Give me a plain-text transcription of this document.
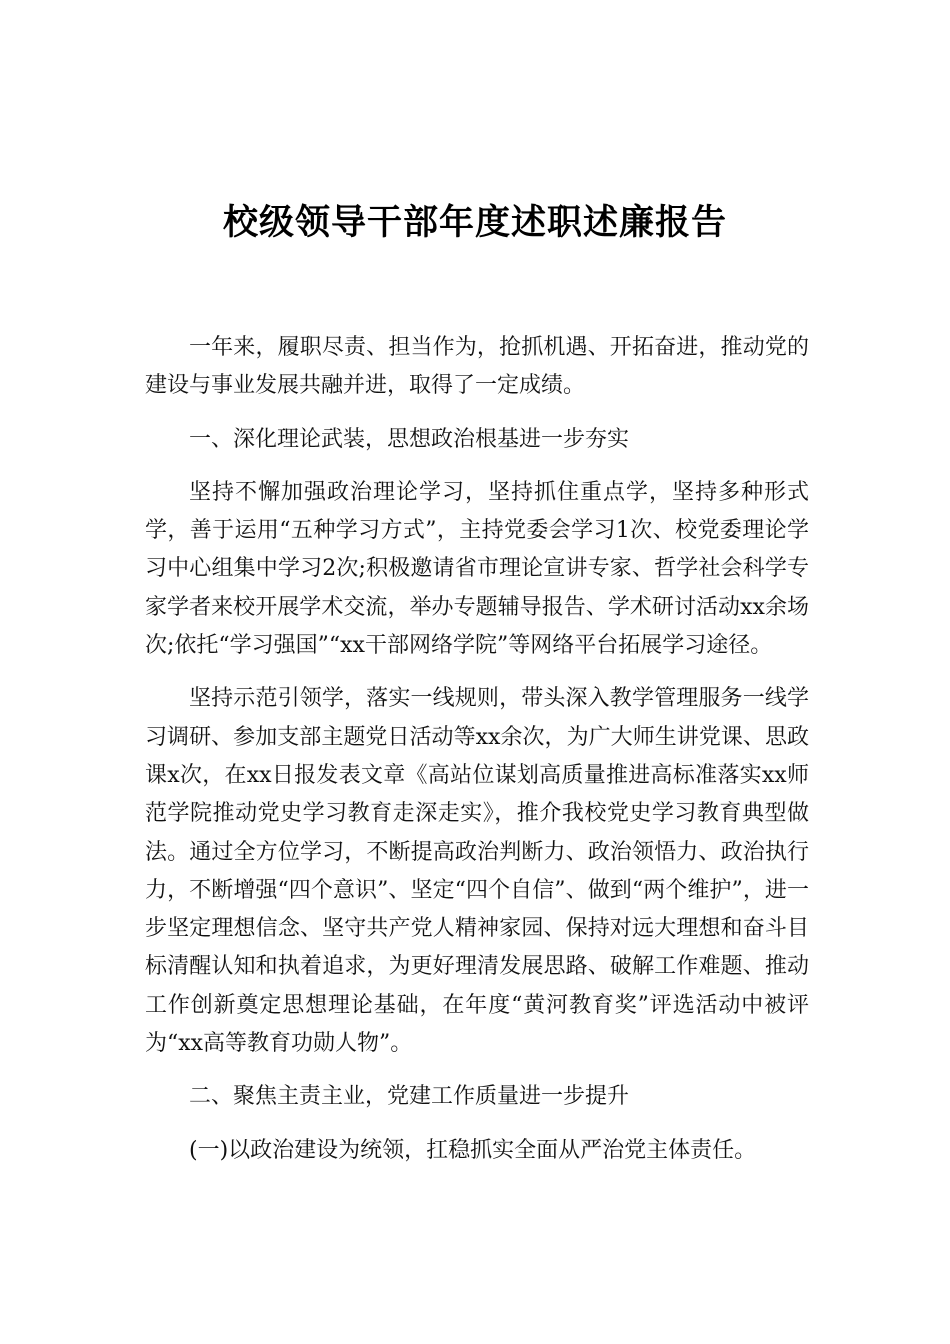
校级领导干部年度述职述廉报告

一年来，履职尽责、担当作为，抢抓机遇、开拓奋进，推动党的建设与事业发展共融并进，取得了一定成绩。

一、深化理论武装，思想政治根基进一步夯实

坚持不懈加强政治理论学习，坚持抓住重点学，坚持多种形式学，善于运用“五种学习方式”，主持党委会学习1次、校党委理论学习中心组集中学习2次;积极邀请省市理论宣讲专家、哲学社会科学专家学者来校开展学术交流，举办专题辅导报告、学术研讨活动xx余场次;依托“学习强国”“xx干部网络学院”等网络平台拓展学习途径。

坚持示范引领学，落实一线规则，带头深入教学管理服务一线学习调研、参加支部主题党日活动等xx余次，为广大师生讲党课、思政课x次，在xx日报发表文章《高站位谋划高质量推进高标准落实xx师范学院推动党史学习教育走深走实》，推介我校党史学习教育典型做法。通过全方位学习，不断提高政治判断力、政治领悟力、政治执行力，不断增强“四个意识”、坚定“四个自信”、做到“两个维护”，进一步坚定理想信念、坚守共产党人精神家园、保持对远大理想和奋斗目标清醒认知和执着追求，为更好理清发展思路、破解工作难题、推动工作创新奠定思想理论基础，在年度“黄河教育奖”评选活动中被评为“xx高等教育功勋人物”。

二、聚焦主责主业，党建工作质量进一步提升

(一)以政治建设为统领，扛稳抓实全面从严治党主体责任。
